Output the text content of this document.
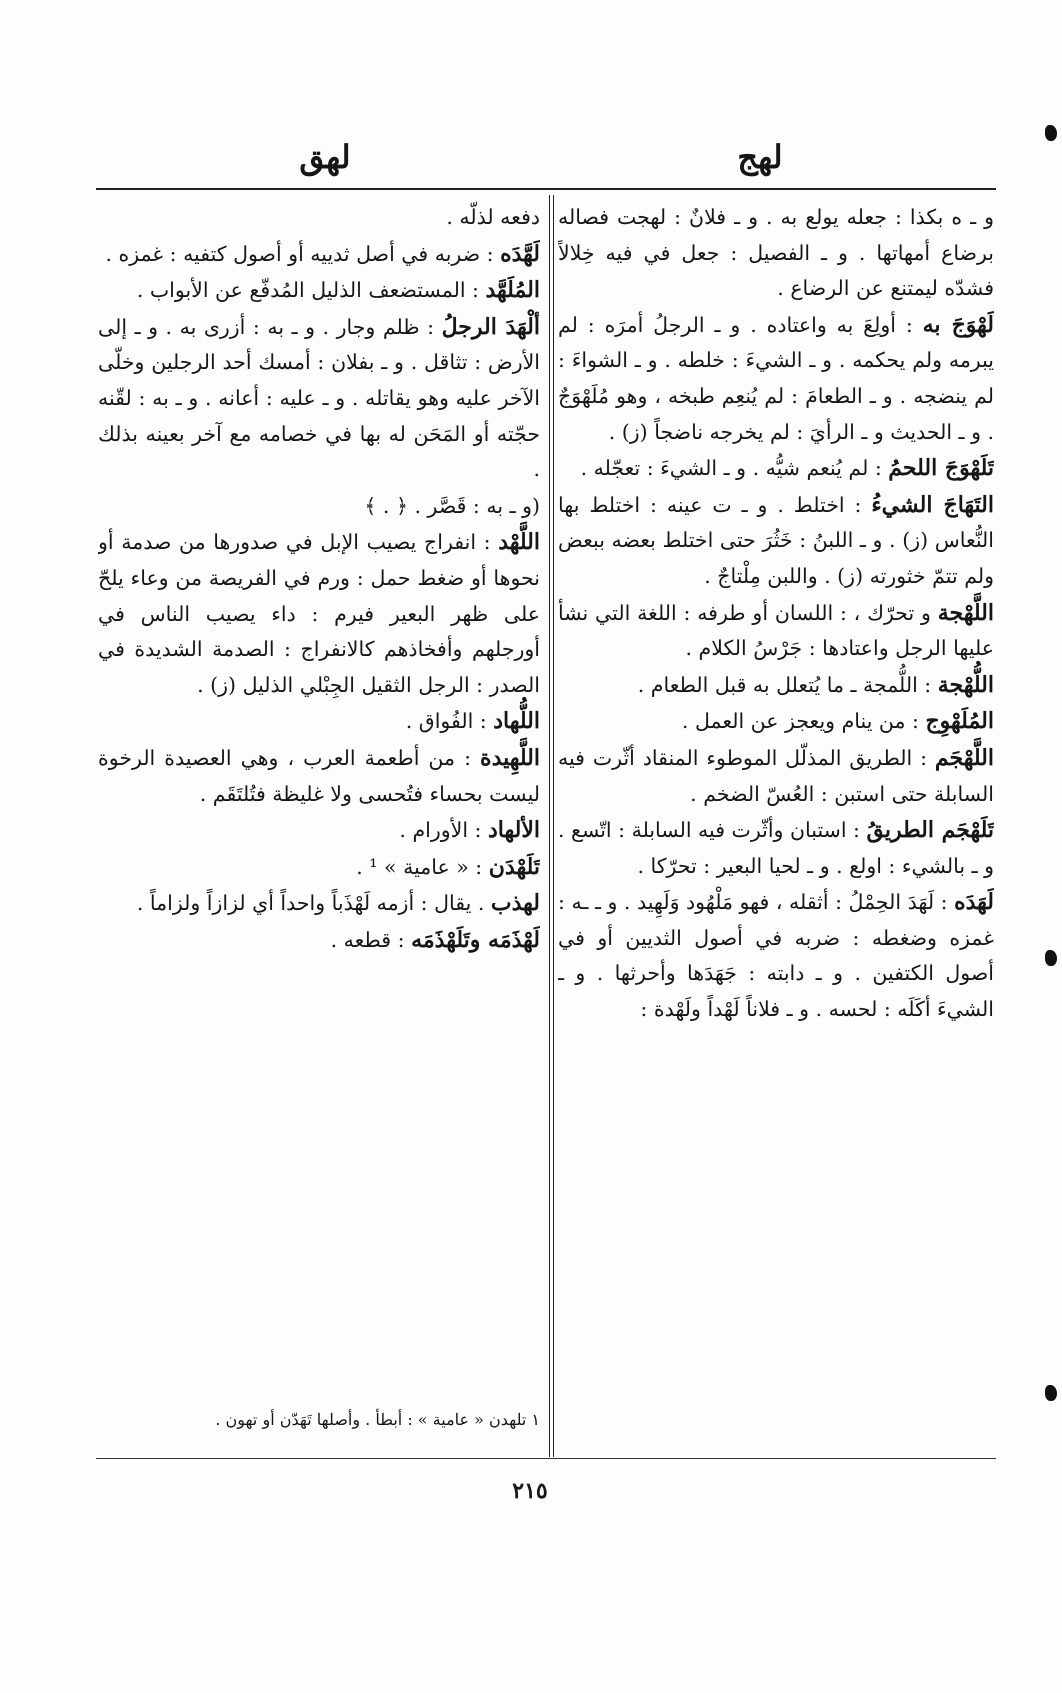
لهج
لهق
و ـ ه بكذا : جعله يولع به . و ـ فلانٌ : لهجت فصاله برضاع أمهاتها . و ـ الفصيل : جعل في فيه خِلالاً فشدّه ليمتنع عن الرضاع .
لَهْوَجَ به : أولِعَ به واعتاده . و ـ الرجلُ أمرَه : لم يبرمه ولم يحكمه . و ـ الشيءَ : خلطه . و ـ الشواءَ : لم ينضجه . و ـ الطعامَ : لم يُنعِم طبخه ، وهو مُلَهْوَجٌ . و ـ الحديث و ـ الرأيَ : لم يخرجه ناضجاً (ز) .
تَلَهْوَجَ اللحمُ : لم يُنعم شيُّه . و ـ الشيءَ : تعجّله .
التَهَاجَ الشيءُ : اختلط . و ـ ت عينه : اختلط بها النُّعاس (ز) . و ـ اللبنُ : خَثُرَ حتى اختلط بعضه ببعض ولم تتمّ خثورته (ز) . واللبن مِلْتاجٌ .
اللَّهْجة و تحرّك ، : اللسان أو طرفه : اللغة التي نشأ عليها الرجل واعتادها : جَرْسُ الكلام .
اللُّهْجة : اللُّمجة ـ ما يُتعلل به قبل الطعام .
المُلَهْوِج : من ينام ويعجز عن العمل .
اللَّهْجَم : الطريق المذلّل الموطوء المنقاد أثّرت فيه السابلة حتى استبن : العُسّ الضخم .
تَلَهْجَم الطريقُ : استبان وأثّرت فيه السابلة : اتّسع . و ـ بالشيء : اولع . و ـ لحيا البعير : تحرّكا .
لَهَدَه : لَهَدَ الحِمْلُ : أثقله ، فهو مَلْهُود وَلَهِيد . و ـ ـه : غمزه وضغطه : ضربه في أصول الثديين أو في أصول الكتفين . و ـ دابته : جَهَدَها وأحرثها . و ـ الشيءَ أكَلَه : لحسه . و ـ فلاناً لَهْداً ولَهْدة :
دفعه لذلّه .
لَهَّدَه : ضربه في أصل ثدييه أو أصول كتفيه : غمزه .
المُلَهَّد : المستضعف الذليل المُدفّع عن الأبواب .
ألْهَدَ الرجلُ : ظلم وجار . و ـ به : أزرى به . و ـ إلى الأرض : تثاقل . و ـ بفلان : أمسك أحد الرجلين وخلّى الآخر عليه وهو يقاتله . و ـ عليه : أعانه . و ـ به : لقّنه حجّته أو المَحَن له بها في خصامه مع آخر بعينه بذلك .
(و ـ به : قَصَّر . ﴿ . ﴾
اللَّهْد : انفراج يصيب الإبل في صدورها من صدمة أو نحوها أو ضغط حمل : ورم في الفريصة من وعاء يلحّ على ظهر البعير فيرم : داء يصيب الناس في أورجلهم وأفخاذهم كالانفراج : الصدمة الشديدة في الصدر : الرجل الثقيل الجِبْلي الذليل (ز) .
اللُّهاد : الفُواق .
اللَّهِيدة : من أطعمة العرب ، وهي العصيدة الرخوة ليست بحساء فتُحسى ولا غليظة فتُلتَقَم .
الألهاد : الأورام .
تَلَهْدَن : « عامية » ¹ .
لهذب . يقال : أزمه لَهْذَباً واحداً أي لزازاً ولزاماً .
لَهْذَمَه وتَلَهْذَمَه : قطعه .
١ تلهدن « عامية » : أبطأ . وأصلها تَهَدّن أو تهون .
٢١٥
